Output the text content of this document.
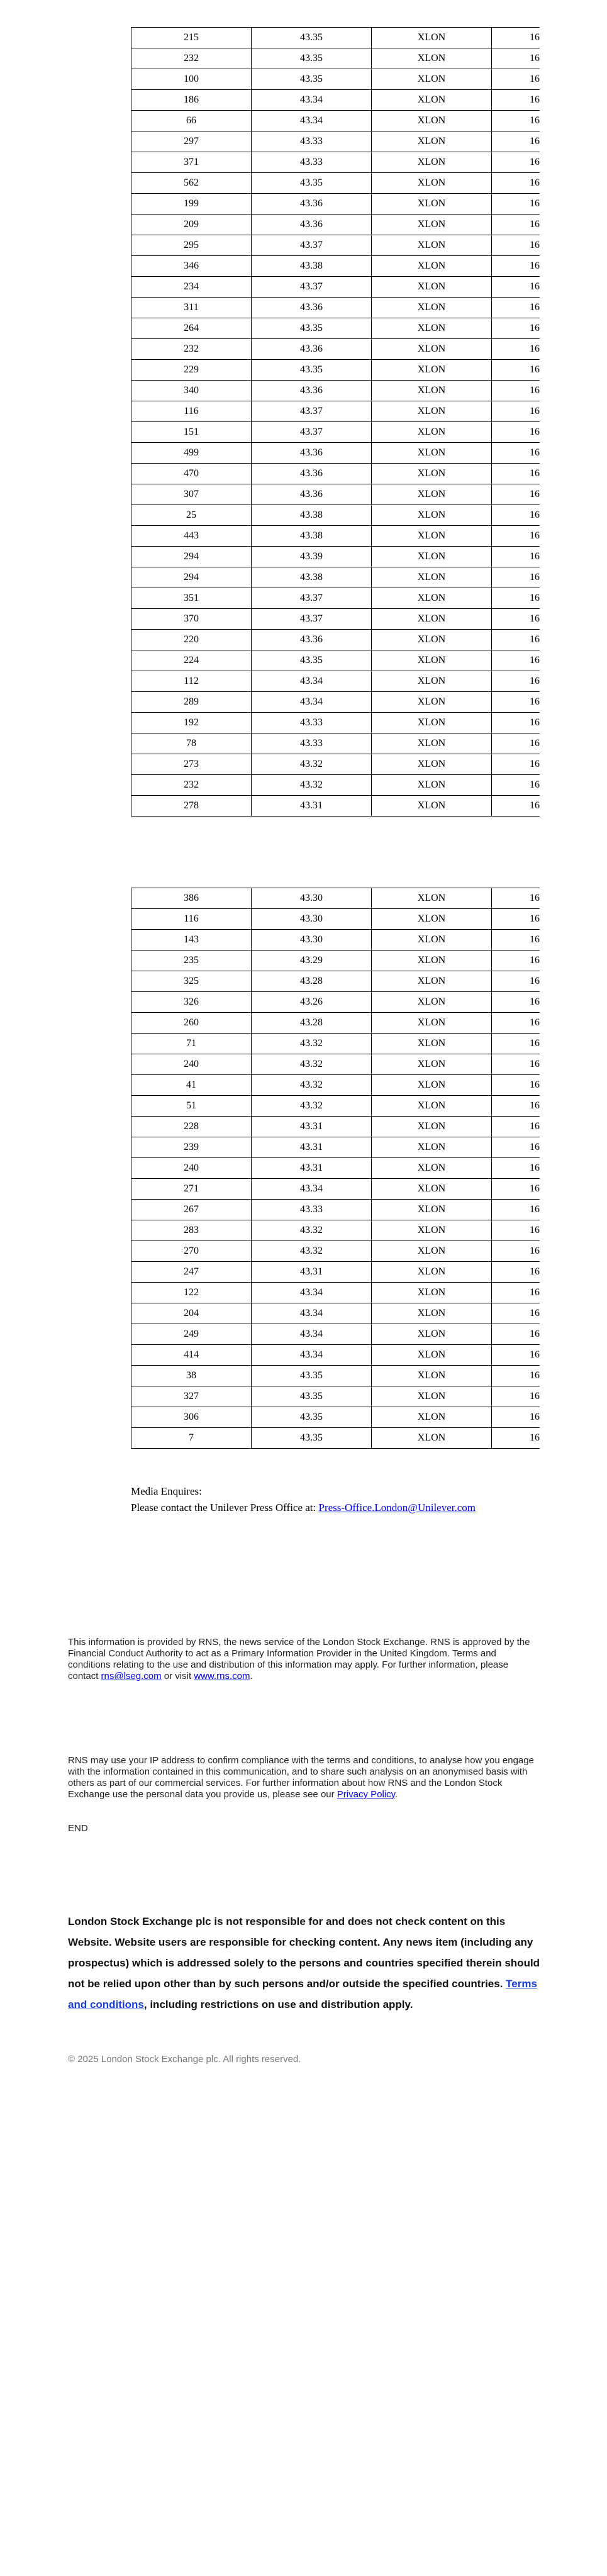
215	43.35	XLON	16
232	43.35	XLON	16
100	43.35	XLON	16
186	43.34	XLON	16
66	43.34	XLON	16
297	43.33	XLON	16
371	43.33	XLON	16
562	43.35	XLON	16
199	43.36	XLON	16
209	43.36	XLON	16
295	43.37	XLON	16
346	43.38	XLON	16
234	43.37	XLON	16
311	43.36	XLON	16
264	43.35	XLON	16
232	43.36	XLON	16
229	43.35	XLON	16
340	43.36	XLON	16
116	43.37	XLON	16
151	43.37	XLON	16
499	43.36	XLON	16
470	43.36	XLON	16
307	43.36	XLON	16
25	43.38	XLON	16
443	43.38	XLON	16
294	43.39	XLON	16
294	43.38	XLON	16
351	43.37	XLON	16
370	43.37	XLON	16
220	43.36	XLON	16
224	43.35	XLON	16
112	43.34	XLON	16
289	43.34	XLON	16
192	43.33	XLON	16
78	43.33	XLON	16
273	43.32	XLON	16
232	43.32	XLON	16
278	43.31	XLON	16
386	43.30	XLON	16
116	43.30	XLON	16
143	43.30	XLON	16
235	43.29	XLON	16
325	43.28	XLON	16
326	43.26	XLON	16
260	43.28	XLON	16
71	43.32	XLON	16
240	43.32	XLON	16
41	43.32	XLON	16
51	43.32	XLON	16
228	43.31	XLON	16
239	43.31	XLON	16
240	43.31	XLON	16
271	43.34	XLON	16
267	43.33	XLON	16
283	43.32	XLON	16
270	43.32	XLON	16
247	43.31	XLON	16
122	43.34	XLON	16
204	43.34	XLON	16
249	43.34	XLON	16
414	43.34	XLON	16
38	43.35	XLON	16
327	43.35	XLON	16
306	43.35	XLON	16
7	43.35	XLON	16
Media Enquires:
Please contact the Unilever Press Office at: Press-Office.London@Unilever.com
This information is provided by RNS, the news service of the London Stock Exchange. RNS is approved by the Financial Conduct Authority to act as a Primary Information Provider in the United Kingdom. Terms and conditions relating to the use and distribution of this information may apply. For further information, please contact rns@lseg.com or visit www.rns.com.
RNS may use your IP address to confirm compliance with the terms and conditions, to analyse how you engage with the information contained in this communication, and to share such analysis on an anonymised basis with others as part of our commercial services. For further information about how RNS and the London Stock Exchange use the personal data you provide us, please see our Privacy Policy.
END
London Stock Exchange plc is not responsible for and does not check content on this Website. Website users are responsible for checking content. Any news item (including any prospectus) which is addressed solely to the persons and countries specified therein should not be relied upon other than by such persons and/or outside the specified countries. Terms and conditions, including restrictions on use and distribution apply.
© 2025 London Stock Exchange plc. All rights reserved.
